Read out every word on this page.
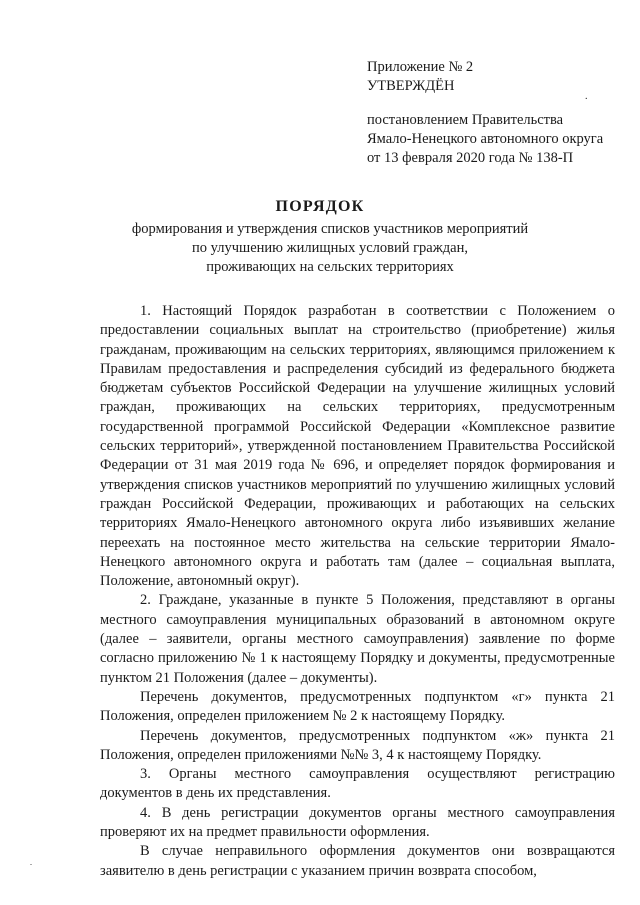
Приложение № 2
УТВЕРЖДЁН
постановлением Правительства
Ямало-Ненецкого автономного округа
от 13 февраля 2020 года № 138-П
.
ПОРЯДОК
формирования и утверждения списков участников мероприятий
по улучшению жилищных условий граждан,
проживающих на сельских территориях

1. Настоящий Порядок разработан в соответствии с Положением о предоставлении социальных выплат на строительство (приобретение) жилья гражданам, проживающим на сельских территориях, являющимся приложением к Правилам предоставления и распределения субсидий из федерального бюджета бюджетам субъектов Российской Федерации на улучшение жилищных условий граждан, проживающих на сельских территориях, предусмотренным государственной программой Российской Федерации «Комплексное развитие сельских территорий», утвержденной постановлением Правительства Российской Федерации от 31 мая 2019 года № 696, и определяет порядок формирования и утверждения списков участников мероприятий по улучшению жилищных условий граждан Российской Федерации, проживающих и работающих на сельских территориях Ямало-Ненецкого автономного округа либо изъявивших желание переехать на постоянное место жительства на сельские территории Ямало-Ненецкого автономного округа и работать там (далее – социальная выплата, Положение, автономный округ).

2. Граждане, указанные в пункте 5 Положения, представляют в органы местного самоуправления муниципальных образований в автономном округе (далее – заявители, органы местного самоуправления) заявление по форме согласно приложению № 1 к настоящему Порядку и документы, предусмотренные пунктом 21 Положения (далее – документы).

Перечень документов, предусмотренных подпунктом «г» пункта 21 Положения, определен приложением № 2 к настоящему Порядку.

Перечень документов, предусмотренных подпунктом «ж» пункта 21 Положения, определен приложениями №№ 3, 4 к настоящему Порядку.

3. Органы местного самоуправления осуществляют регистрацию документов в день их представления.

4. В день регистрации документов органы местного самоуправления проверяют их на предмет правильности оформления.

В случае неправильного оформления документов они возвращаются заявителю в день регистрации с указанием причин возврата способом,

.
